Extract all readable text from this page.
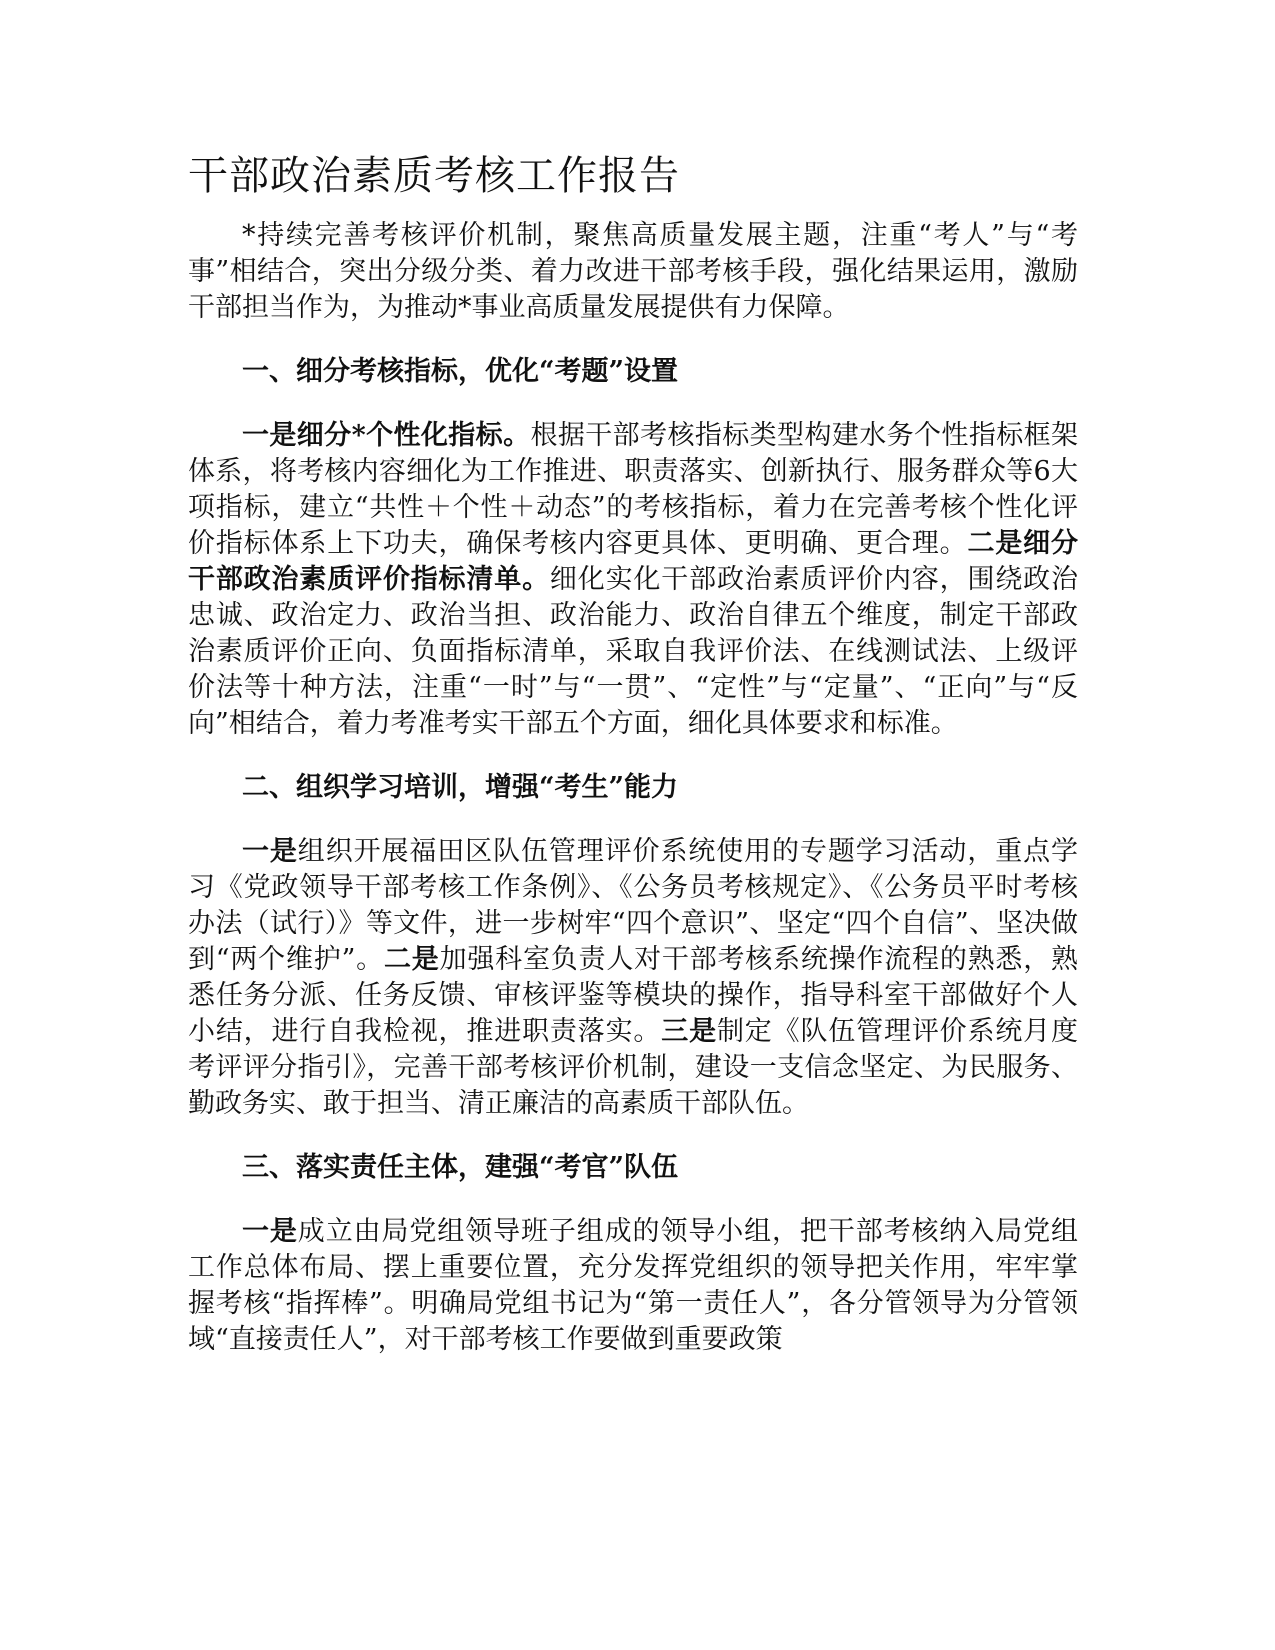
干部政治素质考核工作报告

*持续完善考核评价机制，聚焦高质量发展主题，注重“考人”与“考事”相结合，突出分级分类、着力改进干部考核手段，强化结果运用，激励干部担当作为，为推动*事业高质量发展提供有力保障。

一、细分考核指标，优化“考题”设置

一是细分*个性化指标。根据干部考核指标类型构建水务个性指标框架体系，将考核内容细化为工作推进、职责落实、创新执行、服务群众等6大项指标，建立“共性＋个性＋动态”的考核指标，着力在完善考核个性化评价指标体系上下功夫，确保考核内容更具体、更明确、更合理。二是细分干部政治素质评价指标清单。细化实化干部政治素质评价内容，围绕政治忠诚、政治定力、政治当担、政治能力、政治自律五个维度，制定干部政治素质评价正向、负面指标清单，采取自我评价法、在线测试法、上级评价法等十种方法，注重“一时”与“一贯”、“定性”与“定量”、“正向”与“反向”相结合，着力考准考实干部五个方面，细化具体要求和标准。

二、组织学习培训，增强“考生”能力

一是组织开展福田区队伍管理评价系统使用的专题学习活动，重点学习《党政领导干部考核工作条例》、《公务员考核规定》、《公务员平时考核办法（试行）》等文件，进一步树牢“四个意识”、坚定“四个自信”、坚决做到“两个维护”。二是加强科室负责人对干部考核系统操作流程的熟悉，熟悉任务分派、任务反馈、审核评鉴等模块的操作，指导科室干部做好个人小结，进行自我检视，推进职责落实。三是制定《队伍管理评价系统月度考评评分指引》，完善干部考核评价机制，建设一支信念坚定、为民服务、勤政务实、敢于担当、清正廉洁的高素质干部队伍。

三、落实责任主体，建强“考官”队伍

一是成立由局党组领导班子组成的领导小组，把干部考核纳入局党组工作总体布局、摆上重要位置，充分发挥党组织的领导把关作用，牢牢掌握考核“指挥棒”。明确局党组书记为“第一责任人”，各分管领导为分管领域“直接责任人”，对干部考核工作要做到重要政策
